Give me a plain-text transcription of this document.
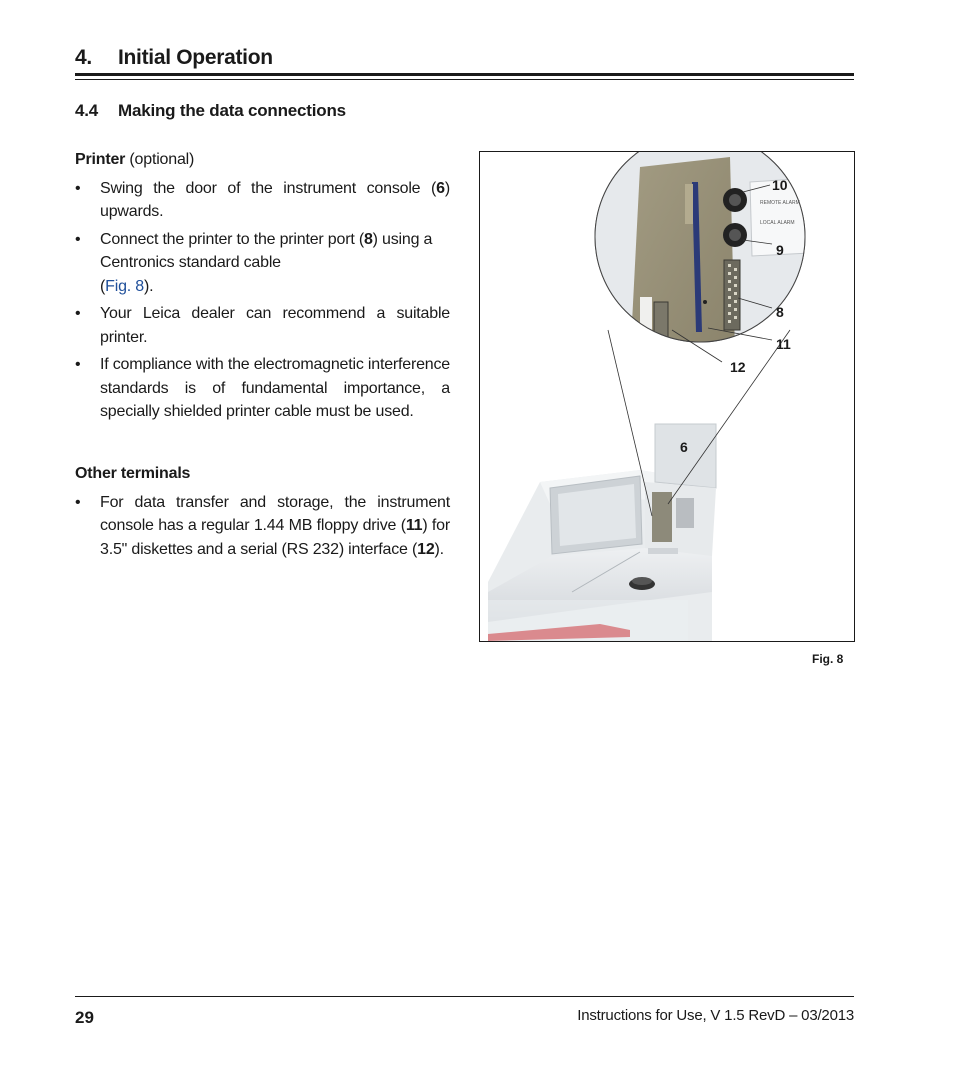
4. Initial Operation
4.4 Making the data connections
Printer (optional)
• Swing the door of the instrument console (6) upwards.
• Connect the printer to the printer port (8) using a Centronics standard cable
(Fig. 8).
• Your Leica dealer can recommend a suitable printer.
• If compliance with the electromagnetic interference standards is of fundamental importance, a specially shielded printer cable must be used.
Other terminals
• For data transfer and storage, the instrument console has a regular 1.44 MB floppy drive (11) for 3.5" diskettes and a serial (RS 232) interface (12).
REMOTE ALARM
LOCAL ALARM
10
9
8
11
12
6
Fig. 8
29	Instructions for Use, V 1.5 RevD – 03/2013
